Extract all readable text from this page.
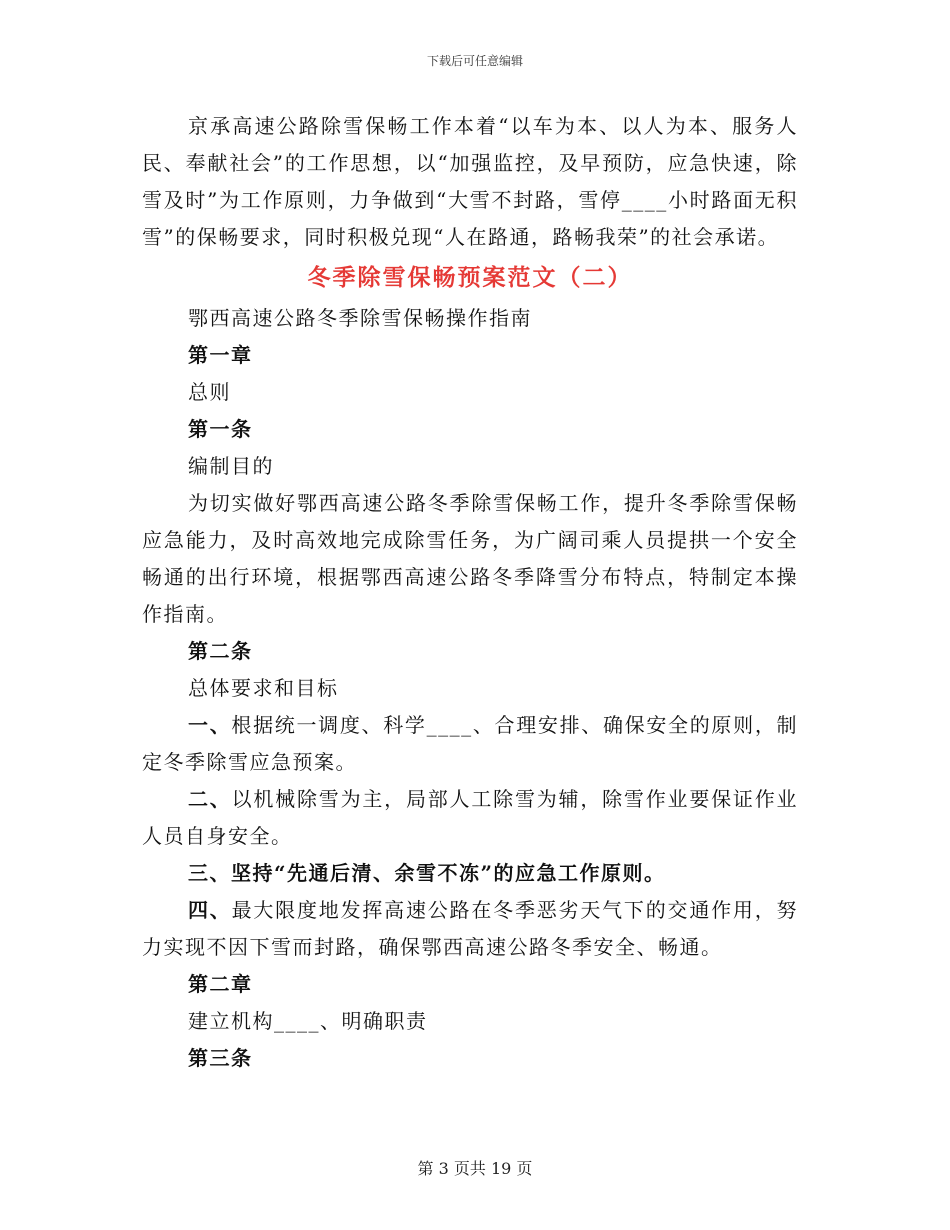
下载后可任意编辑

京承高速公路除雪保畅工作本着“以车为本、以人为本、服务人民、奉献社会”的工作思想，以“加强监控，及早预防，应急快速，除雪及时”为工作原则，力争做到“大雪不封路，雪停____小时路面无积雪”的保畅要求，同时积极兑现“人在路通，路畅我荣”的社会承诺。

冬季除雪保畅预案范文（二）

鄂西高速公路冬季除雪保畅操作指南

第一章

总则

第一条

编制目的

为切实做好鄂西高速公路冬季除雪保畅工作，提升冬季除雪保畅应急能力，及时高效地完成除雪任务，为广阔司乘人员提拱一个安全畅通的出行环境，根据鄂西高速公路冬季降雪分布特点，特制定本操作指南。

第二条

总体要求和目标

一、根据统一调度、科学____、合理安排、确保安全的原则，制定冬季除雪应急预案。

二、以机械除雪为主，局部人工除雪为辅，除雪作业要保证作业人员自身安全。

三、坚持“先通后清、余雪不冻”的应急工作原则。

四、最大限度地发挥高速公路在冬季恶劣天气下的交通作用，努力实现不因下雪而封路，确保鄂西高速公路冬季安全、畅通。

第二章

建立机构____、明确职责

第三条

第 3 页共 19 页
